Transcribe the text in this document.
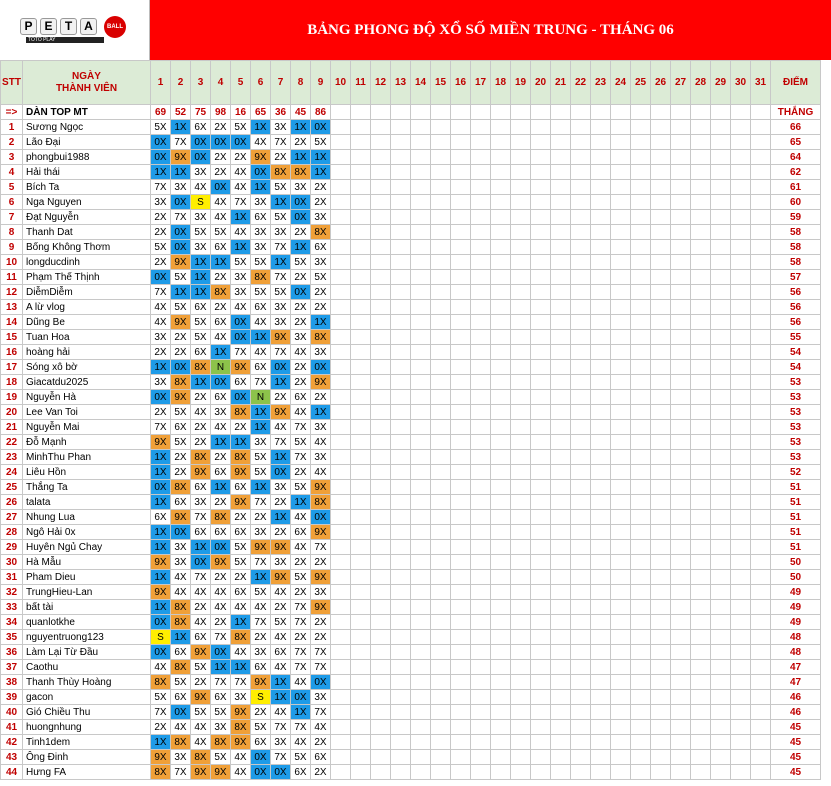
P E	T A	BALL
TOTO PLAY
BẢNG PHONG ĐỘ XỔ SỐ MIỀN TRUNG - THÁNG 06
STT	NGÀY
THÀNH VIÊN	1	2	3	4	5	6	7	8	9	10	11	12	13	14	15	16	17	18	19	20	21	22	23	24	25	26	27	28	29	30	31	ĐIỂM
=>	DÀN TOP MT	69	52	75	98	16	65	36	45	86																							THẮNG
1	Sương Ngọc	5X	1X	6X	2X	5X	1X	3X	1X	0X																							66
2	Lão Đại	0X	7X	0X	0X	0X	4X	7X	2X	5X																							65
3	phongbui1988	0X	9X	0X	2X	2X	9X	2X	1X	1X																							64
4	Hải thái	1X	1X	3X	2X	4X	0X	8X	8X	1X																							62
5	Bích Ta	7X	3X	4X	0X	4X	1X	5X	3X	2X																							61
6	Nga Nguyen	3X	0X	S	4X	7X	3X	1X	0X	2X																							60
7	Đạt Nguyễn	2X	7X	3X	4X	1X	6X	5X	0X	3X																							59
8	Thanh Dat	2X	0X	5X	5X	4X	3X	3X	2X	8X																							58
9	Bống Không Thơm	5X	0X	3X	6X	1X	3X	7X	1X	6X																							58
10	longducdinh	2X	9X	1X	1X	5X	5X	1X	5X	3X																							58
11	Phạm Thế Thịnh	0X	5X	1X	2X	3X	8X	7X	2X	5X																							57
12	DiễmDiễm	7X	1X	1X	8X	3X	5X	5X	0X	2X																							56
13	A lừ vlog	4X	5X	6X	2X	4X	6X	3X	2X	2X																							56
14	Dũng Be	4X	9X	5X	6X	0X	4X	3X	2X	1X																							56
15	Tuan Hoa	3X	2X	5X	4X	0X	1X	9X	3X	8X																							55
16	hoàng hải	2X	2X	6X	1X	7X	4X	7X	4X	3X																							54
17	Sóng xô bờ	1X	0X	8X	N	9X	6X	0X	2X	0X																							54
18	Giacatdu2025	3X	8X	1X	0X	6X	7X	1X	2X	9X																							53
19	Nguyễn Hà	0X	9X	2X	6X	0X	N	2X	6X	2X																							53
20	Lee Van Toi	2X	5X	4X	3X	8X	1X	9X	4X	1X																							53
21	Nguyễn Mai	7X	6X	2X	4X	2X	1X	4X	7X	3X																							53
22	Đỗ Mạnh	9X	5X	2X	1X	1X	3X	7X	5X	4X																							53
23	MinhThu Phan	1X	2X	8X	2X	8X	5X	1X	7X	3X																							53
24	Liêu Hồn	1X	2X	9X	6X	9X	5X	0X	2X	4X																							52
25	Thắng Ta	0X	8X	6X	1X	6X	1X	3X	5X	9X																							51
26	talata	1X	6X	3X	2X	9X	7X	2X	1X	8X																							51
27	Nhung Lua	6X	9X	7X	8X	2X	2X	1X	4X	0X																							51
28	Ngô Hải 0x	1X	0X	6X	6X	6X	3X	2X	6X	9X																							51
29	Huyên Ngủ Chay	1X	3X	1X	0X	5X	9X	9X	4X	7X																							51
30	Hà Mẫu	9X	3X	0X	9X	5X	7X	3X	2X	2X																							50
31	Pham Dieu	1X	4X	7X	2X	2X	1X	9X	5X	9X																							50
32	TrungHieu-Lan	9X	4X	4X	4X	6X	5X	4X	2X	3X																							49
33	bất tài	1X	8X	2X	4X	4X	4X	2X	7X	9X																							49
34	quanlotkhe	0X	8X	4X	2X	1X	7X	5X	7X	2X																							49
35	nguyentruong123	S	1X	6X	7X	8X	2X	4X	2X	2X																							48
36	Làm Lại Từ Đầu	0X	6X	9X	0X	4X	3X	6X	7X	7X																							48
37	Caothu	4X	8X	5X	1X	1X	6X	4X	7X	7X																							47
38	Thanh Thùy Hoàng	8X	5X	2X	7X	7X	9X	1X	4X	0X																							47
39	gacon	5X	6X	9X	6X	3X	S	1X	0X	3X																							46
40	Gió Chiều Thu	7X	0X	5X	5X	9X	2X	4X	1X	7X																							46
41	huongnhung	2X	4X	4X	3X	8X	5X	7X	7X	4X																							45
42	Tinh1dem	1X	8X	4X	8X	9X	6X	3X	4X	2X																							45
43	Ông Đinh	9X	3X	8X	5X	4X	0X	7X	5X	6X																							45
44	Hưng FA	8X	7X	9X	9X	4X	0X	0X	6X	2X																							45
